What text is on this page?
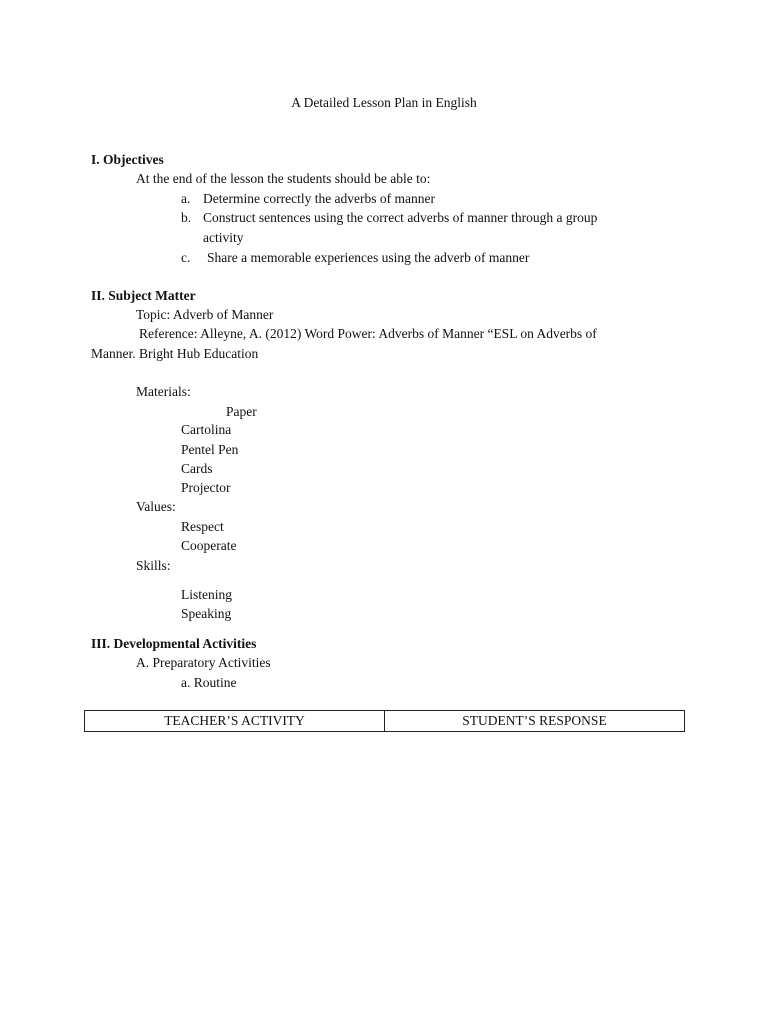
A Detailed Lesson Plan in English
I. Objectives
At the end of the lesson the students should be able to:
a. Determine correctly the adverbs of manner
b. Construct sentences using the correct adverbs of manner through a group
activity
c. Share a memorable experiences using the adverb of manner
II. Subject Matter
Topic: Adverb of Manner
Reference: Alleyne, A. (2012) Word Power: Adverbs of Manner “ESL on Adverbs of
Manner. Bright Hub Education
Materials:
Paper
Cartolina
Pentel Pen
Cards
Projector
Values:
Respect
Cooperate
Skills:
Listening
Speaking
III. Developmental Activities
A. Preparatory Activities
a. Routine
TEACHER’S ACTIVITY	STUDENT’S RESPONSE
